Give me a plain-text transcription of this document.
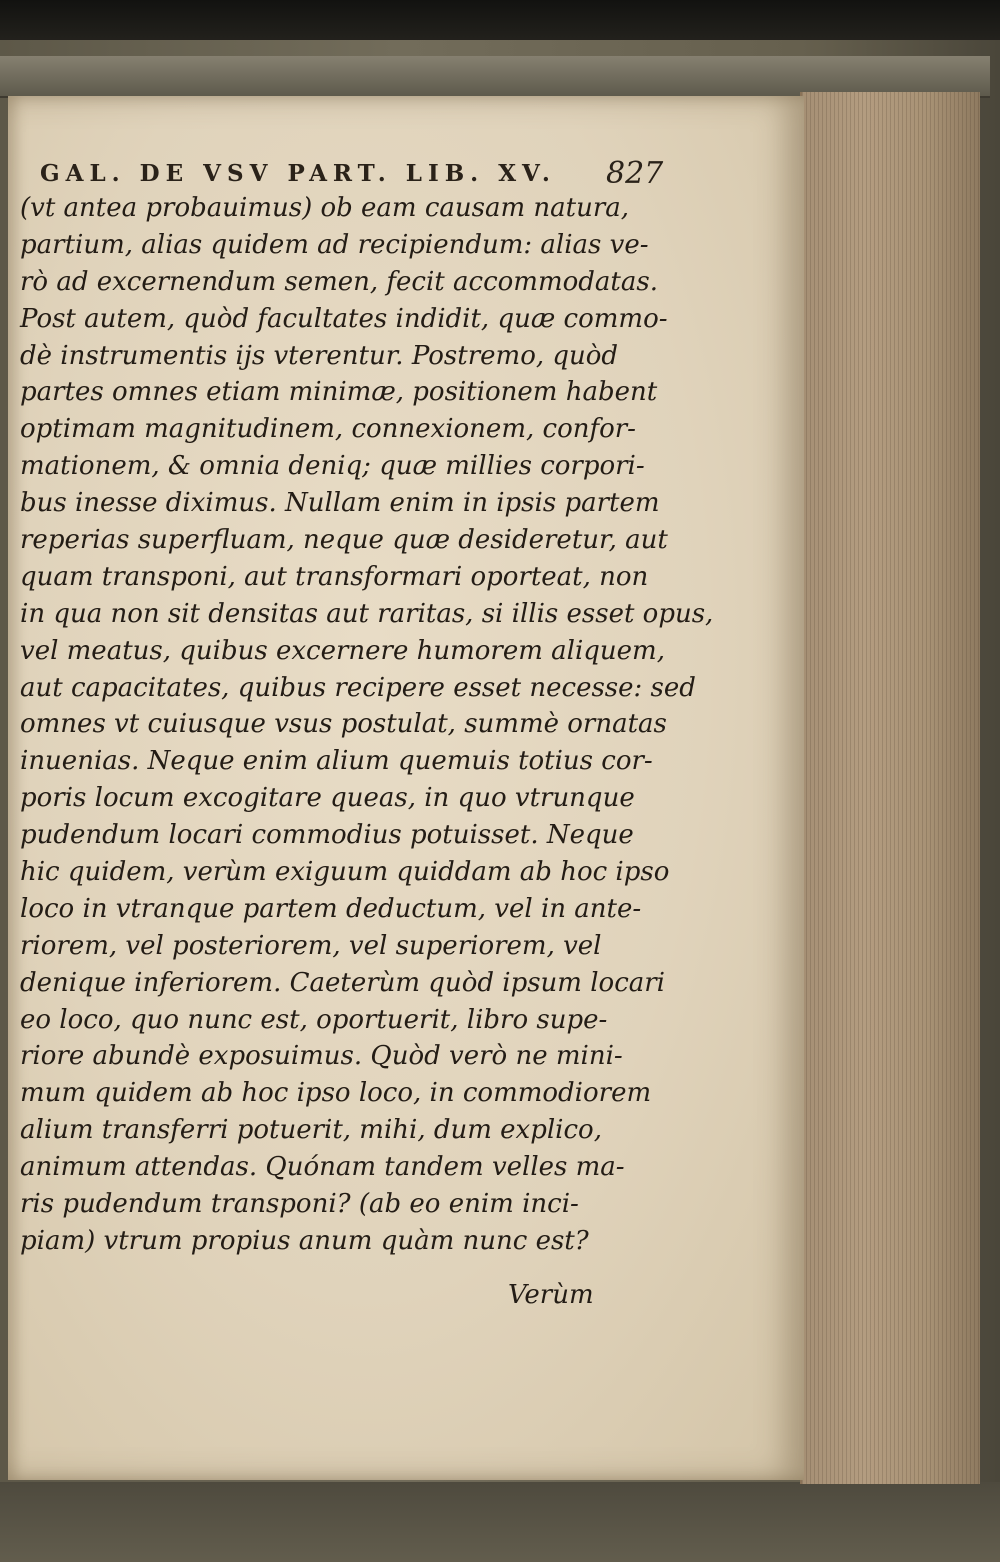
GAL. DE VSV PART. LIB. XV.	827
(vt antea probauimus) ob eam causam natura,
partium, alias quidem ad recipiendum: alias ve-
rò ad excernendum semen, fecit accommodatas.
Post autem, quòd facultates indidit, quæ commo-
dè instrumentis ijs vterentur. Postremo, quòd
partes omnes etiam minimæ, positionem habent
optimam magnitudinem, connexionem, confor-
mationem, & omnia deniq; quæ millies corpori-
bus inesse diximus. Nullam enim in ipsis partem
reperias superfluam, neque quæ desideretur, aut
quam transponi, aut transformari oporteat, non
in qua non sit densitas aut raritas, si illis esset opus,
vel meatus, quibus excernere humorem aliquem,
aut capacitates, quibus recipere esset necesse: sed
omnes vt cuiusque vsus postulat, summè ornatas
inuenias. Neque enim alium quemuis totius cor-
poris locum excogitare queas, in quo vtrunque
pudendum locari commodius potuisset. Neque
hic quidem, verùm exiguum quiddam ab hoc ipso
loco in vtranque partem deductum, vel in ante-
riorem, vel posteriorem, vel superiorem, vel
denique inferiorem. Caeterùm quòd ipsum locari
eo loco, quo nunc est, oportuerit, libro supe-
riore abundè exposuimus. Quòd verò ne mini-
mum quidem ab hoc ipso loco, in commodiorem
alium transferri potuerit, mihi, dum explico,
animum attendas. Quónam tandem velles ma-
ris pudendum transponi? (ab eo enim inci-
piam) vtrum propius anum quàm nunc est?
Verùm
